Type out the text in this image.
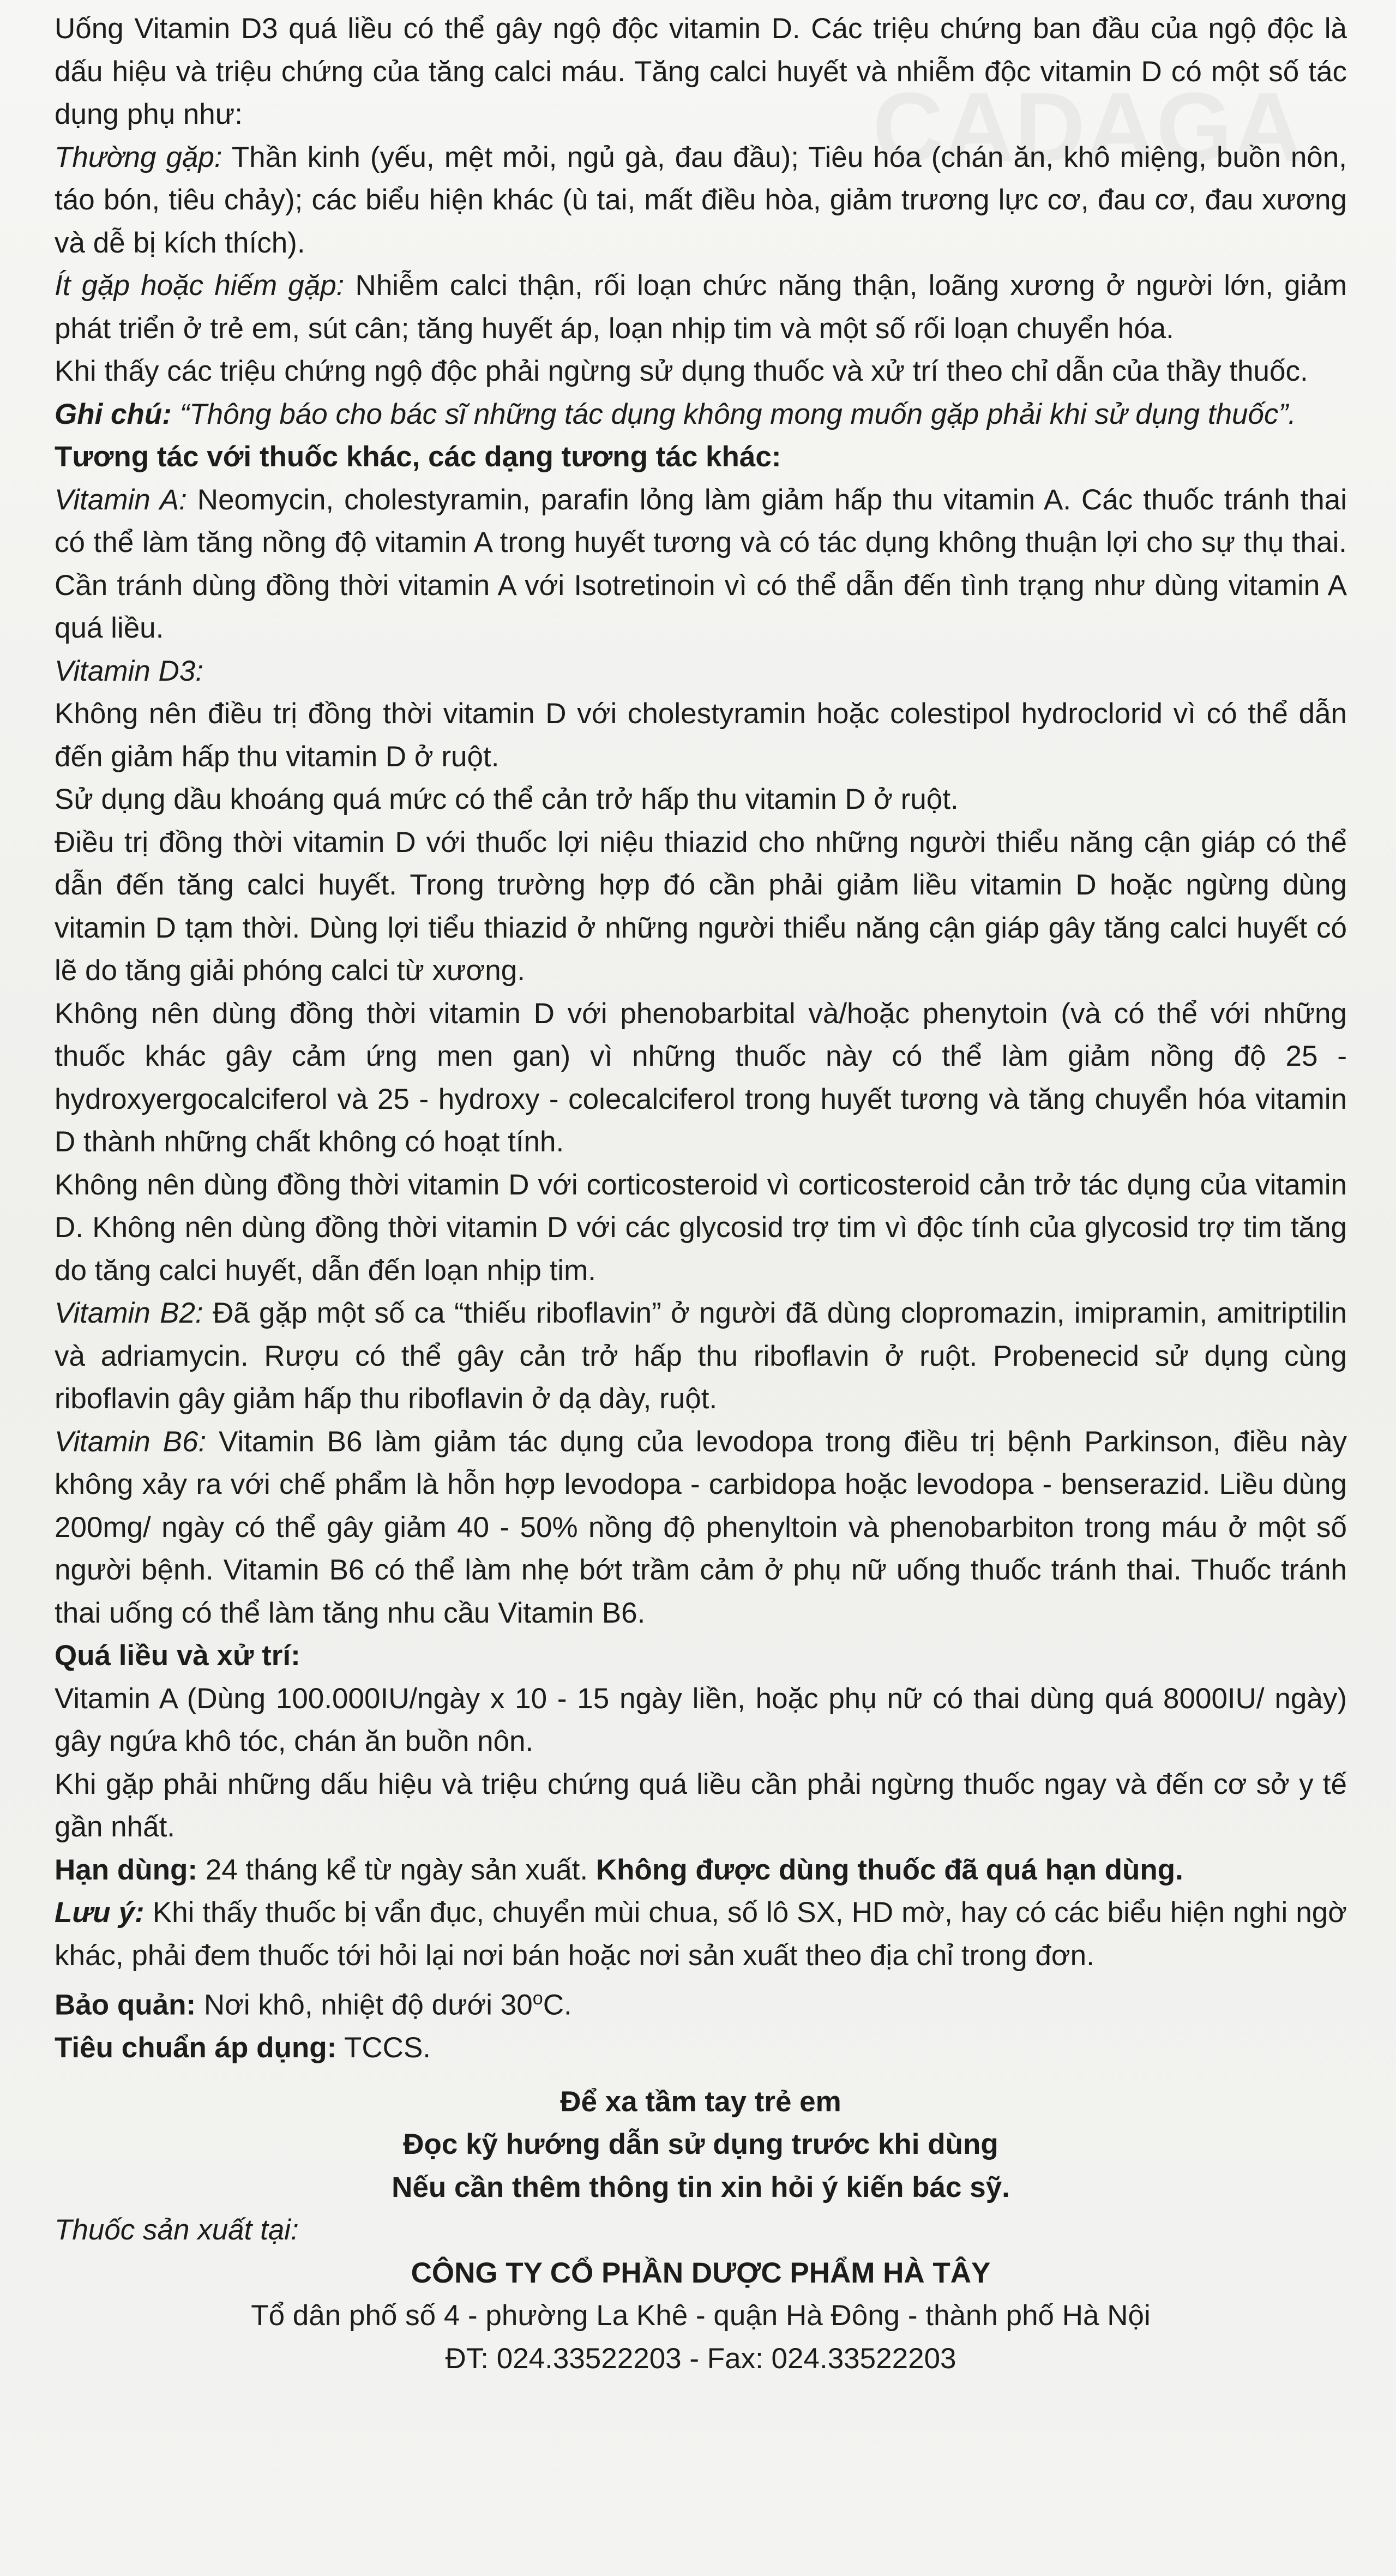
Uống Vitamin D3 quá liều có thể gây ngộ độc vitamin D. Các triệu chứng ban đầu của ngộ độc là dấu hiệu và triệu chứng của tăng calci máu. Tăng calci huyết và nhiễm độc vitamin D có một số tác dụng phụ như:

Thường gặp: Thần kinh (yếu, mệt mỏi, ngủ gà, đau đầu); Tiêu hóa (chán ăn, khô miệng, buồn nôn, táo bón, tiêu chảy); các biểu hiện khác (ù tai, mất điều hòa, giảm trương lực cơ, đau cơ, đau xương và dễ bị kích thích).

Ít gặp hoặc hiếm gặp: Nhiễm calci thận, rối loạn chức năng thận, loãng xương ở người lớn, giảm phát triển ở trẻ em, sút cân; tăng huyết áp, loạn nhịp tim và một số rối loạn chuyển hóa.

Khi thấy các triệu chứng ngộ độc phải ngừng sử dụng thuốc và xử trí theo chỉ dẫn của thầy thuốc.

Ghi chú: “Thông báo cho bác sĩ những tác dụng không mong muốn gặp phải khi sử dụng thuốc”.

Tương tác với thuốc khác, các dạng tương tác khác:

Vitamin A: Neomycin, cholestyramin, parafin lỏng làm giảm hấp thu vitamin A. Các thuốc tránh thai có thể làm tăng nồng độ vitamin A trong huyết tương và có tác dụng không thuận lợi cho sự thụ thai. Cần tránh dùng đồng thời vitamin A với Isotretinoin vì có thể dẫn đến tình trạng như dùng vitamin A quá liều.

Vitamin D3:

Không nên điều trị đồng thời vitamin D với cholestyramin hoặc colestipol hydroclorid vì có thể dẫn đến giảm hấp thu vitamin D ở ruột.

Sử dụng dầu khoáng quá mức có thể cản trở hấp thu vitamin D ở ruột.

Điều trị đồng thời vitamin D với thuốc lợi niệu thiazid cho những người thiểu năng cận giáp có thể dẫn đến tăng calci huyết. Trong trường hợp đó cần phải giảm liều vitamin D hoặc ngừng dùng vitamin D tạm thời. Dùng lợi tiểu thiazid ở những người thiểu năng cận giáp gây tăng calci huyết có lẽ do tăng giải phóng calci từ xương.

Không nên dùng đồng thời vitamin D với phenobarbital và/hoặc phenytoin (và có thể với những thuốc khác gây cảm ứng men gan) vì những thuốc này có thể làm giảm nồng độ 25 - hydroxyergocalciferol và 25 - hydroxy - colecalciferol trong huyết tương và tăng chuyển hóa vitamin D thành những chất không có hoạt tính.

Không nên dùng đồng thời vitamin D với corticosteroid vì corticosteroid cản trở tác dụng của vitamin D. Không nên dùng đồng thời vitamin D với các glycosid trợ tim vì độc tính của glycosid trợ tim tăng do tăng calci huyết, dẫn đến loạn nhịp tim.

Vitamin B2: Đã gặp một số ca “thiếu riboflavin” ở người đã dùng clopromazin, imipramin, amitriptilin và adriamycin. Rượu có thể gây cản trở hấp thu riboflavin ở ruột. Probenecid sử dụng cùng riboflavin gây giảm hấp thu riboflavin ở dạ dày, ruột.

Vitamin B6: Vitamin B6 làm giảm tác dụng của levodopa trong điều trị bệnh Parkinson, điều này không xảy ra với chế phẩm là hỗn hợp levodopa - carbidopa hoặc levodopa - benserazid. Liều dùng 200mg/ ngày có thể gây giảm 40 - 50% nồng độ phenyltoin và phenobarbiton trong máu ở một số người bệnh. Vitamin B6 có thể làm nhẹ bớt trầm cảm ở phụ nữ uống thuốc tránh thai. Thuốc tránh thai uống có thể làm tăng nhu cầu Vitamin B6.

Quá liều và xử trí:

Vitamin A (Dùng 100.000IU/ngày x 10 - 15 ngày liền, hoặc phụ nữ có thai dùng quá 8000IU/ ngày) gây ngứa khô tóc, chán ăn buồn nôn.

Khi gặp phải những dấu hiệu và triệu chứng quá liều cần phải ngừng thuốc ngay và đến cơ sở y tế gần nhất.

Hạn dùng: 24 tháng kể từ ngày sản xuất. Không được dùng thuốc đã quá hạn dùng.

Lưu ý: Khi thấy thuốc bị vẩn đục, chuyển mùi chua, số lô SX, HD mờ, hay có các biểu hiện nghi ngờ khác, phải đem thuốc tới hỏi lại nơi bán hoặc nơi sản xuất theo địa chỉ trong đơn.

Bảo quản: Nơi khô, nhiệt độ dưới 30$^o$C.

Tiêu chuẩn áp dụng: TCCS.

Để xa tầm tay trẻ em

Đọc kỹ hướng dẫn sử dụng trước khi dùng

Nếu cần thêm thông tin xin hỏi ý kiến bác sỹ.

Thuốc sản xuất tại:

CÔNG TY CỔ PHẦN DƯỢC PHẨM HÀ TÂY

Tổ dân phố số 4 - phường La Khê - quận Hà Đông - thành phố Hà Nội

ĐT: 024.33522203 - Fax: 024.33522203
